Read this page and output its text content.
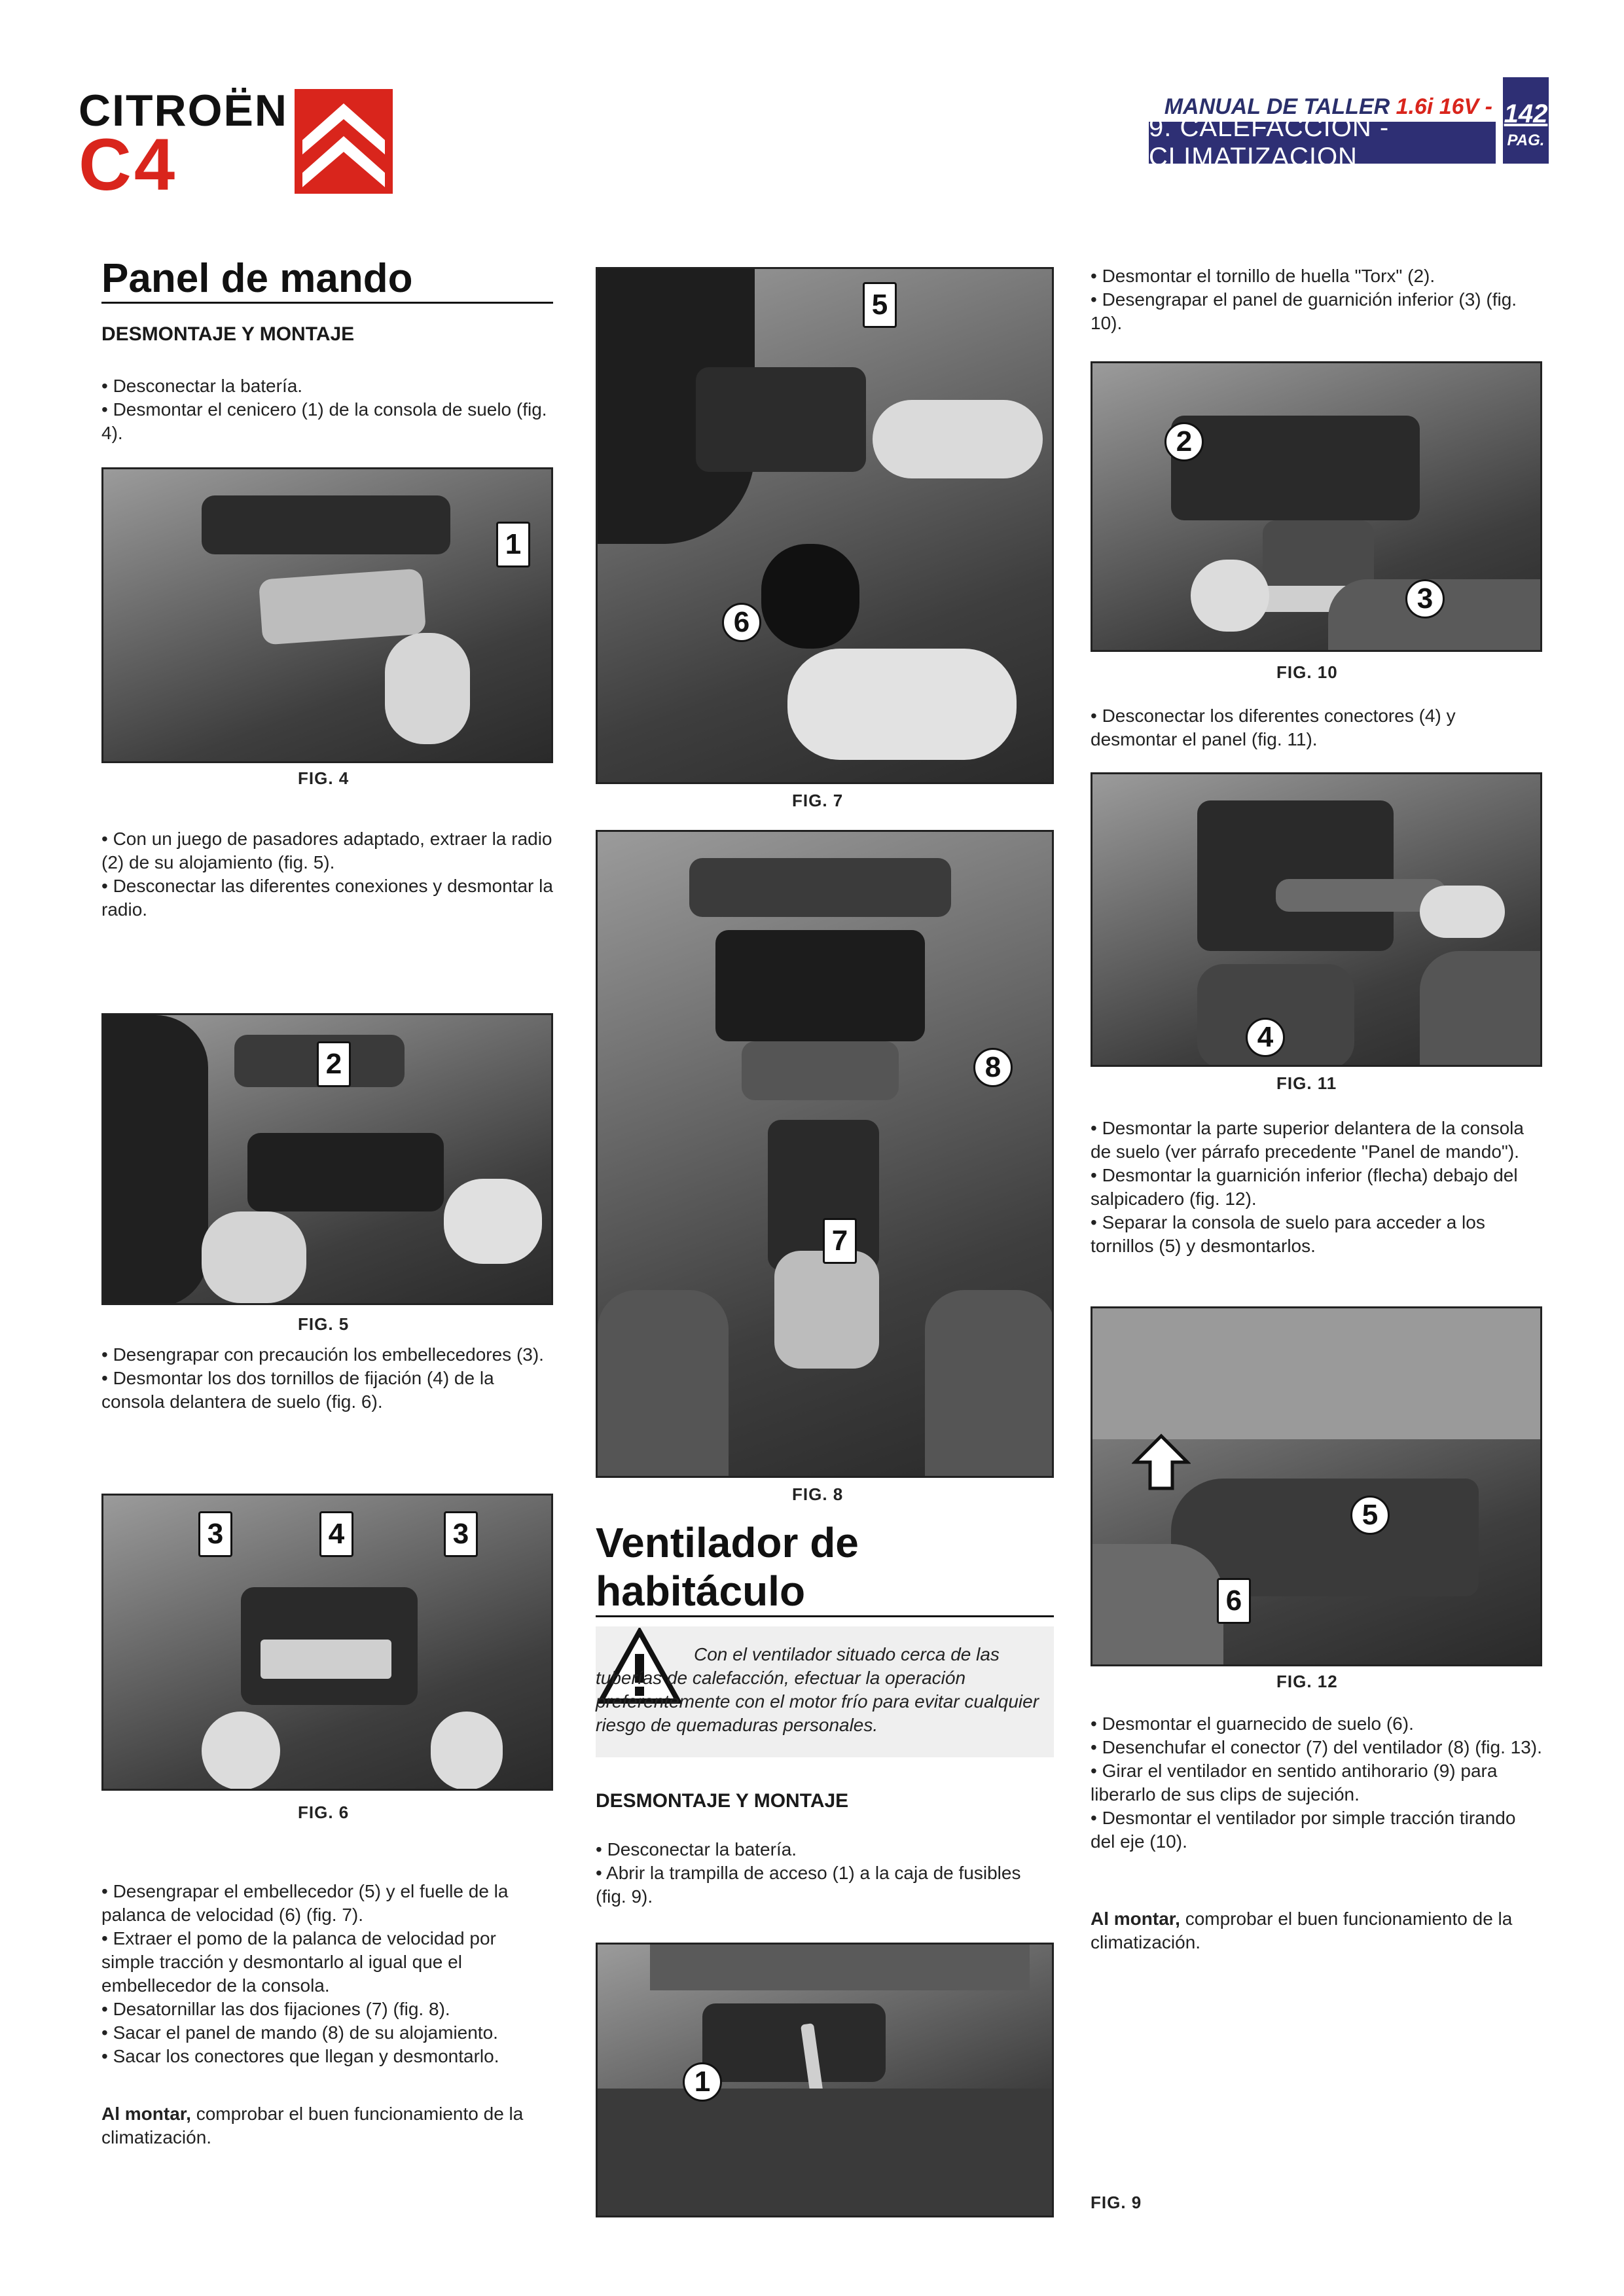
CITROËN
C4
MANUAL DE TALLER 1.6i 16V -
9. CALEFACCION - CLIMATIZACION
142
PAG.
Panel de mando
DESMONTAJE Y MONTAJE
• Desconectar la batería.
• Desmontar el cenicero (1) de la consola de suelo (fig. 4).
1
FIG. 4
• Con un juego de pasadores adaptado, extraer la radio (2) de su alojamiento (fig. 5).
• Desconectar las diferentes conexiones y desmontar la radio.
2
FIG. 5
• Desengrapar con precaución los embellecedores (3).
• Desmontar los dos tornillos de fijación (4) de la consola delantera de suelo (fig. 6).
3	4	3
FIG. 6
• Desengrapar el embellecedor (5) y el fuelle de la palanca de velocidad (6) (fig. 7).
• Extraer el pomo de la palanca de velocidad por simple tracción y desmontarlo al igual que el embellecedor de la consola.
• Desatornillar las dos fijaciones (7) (fig. 8).
• Sacar el panel de mando (8) de su alojamiento.
• Sacar los conectores que llegan y desmontarlo.
Al montar, comprobar el buen funcionamiento de la climatización.
5
6
FIG. 7
8
7
FIG. 8
Ventilador de
habitáculo
Con el ventilador situado cerca de las tuberías de calefacción, efectuar la operación preferentemente con el motor frío para evitar cualquier riesgo de quemaduras personales.
DESMONTAJE Y MONTAJE
• Desconectar la batería.
• Abrir la trampilla de acceso (1) a la caja de fusibles (fig. 9).
1
FIG. 9
• Desmontar el tornillo de huella "Torx" (2).
• Desengrapar el panel de guarnición inferior (3) (fig. 10).
2
3
FIG. 10
• Desconectar los diferentes conectores (4) y desmontar el panel (fig. 11).
4
FIG. 11
• Desmontar la parte superior delantera de la consola de suelo (ver párrafo precedente "Panel de mando").
• Desmontar la guarnición inferior (flecha) debajo del salpicadero (fig. 12).
• Separar la consola de suelo para acceder a los tornillos (5) y desmontarlos.
5
6
FIG. 12
• Desmontar el guarnecido de suelo (6).
• Desenchufar el conector (7) del ventilador (8) (fig. 13).
• Girar el ventilador en sentido antihorario (9) para liberarlo de sus clips de sujeción.
• Desmontar el ventilador por simple tracción tirando del eje (10).
Al montar, comprobar el buen funcionamiento de la climatización.
